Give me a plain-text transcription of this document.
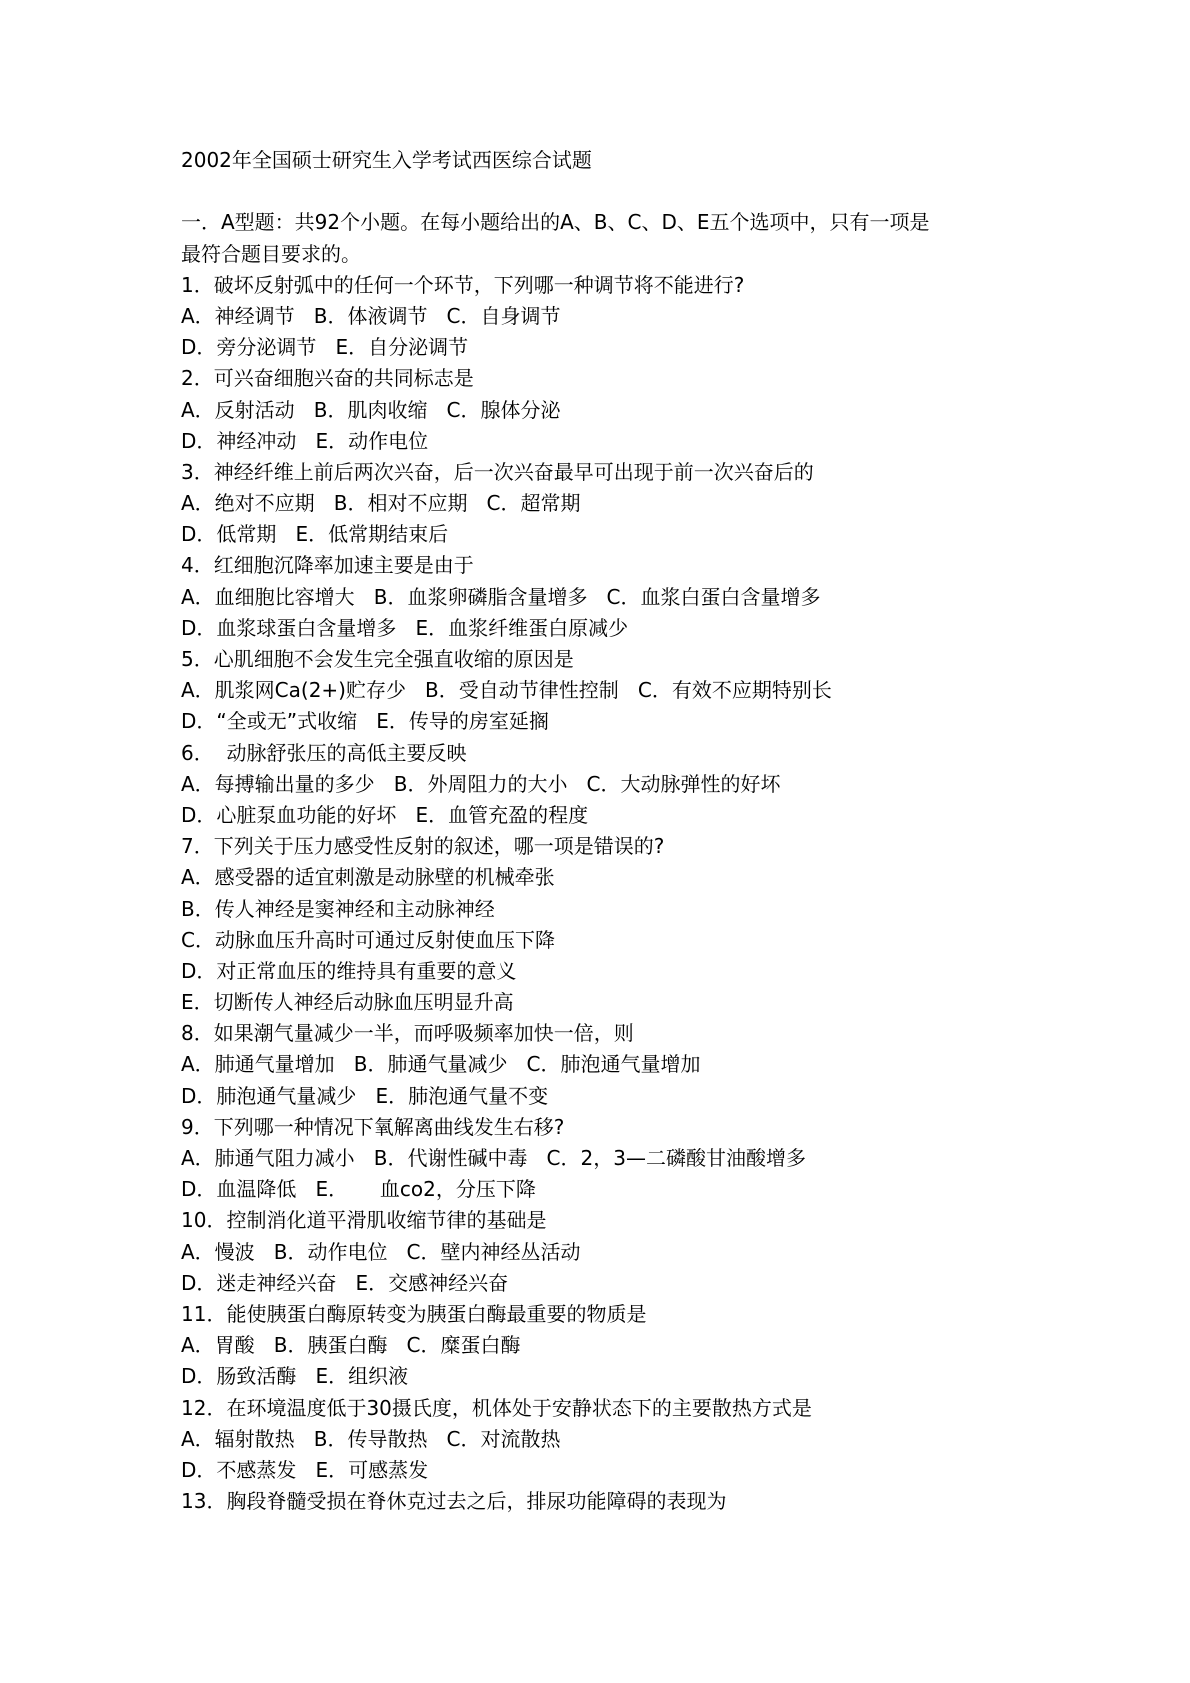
2002年全国硕士研究生入学考试西医综合试题
一．A型题：共92个小题。在每小题给出的A、B、C、D、E五个选项中，只有一项是
最符合题目要求的。
1．破坏反射弧中的任何一个环节，下列哪一种调节将不能进行?
A．神经调节   B．体液调节   C．自身调节
D．旁分泌调节   E．自分泌调节
2．可兴奋细胞兴奋的共同标志是
A．反射活动   B．肌肉收缩   C．腺体分泌
D．神经冲动   E．动作电位
3．神经纤维上前后两次兴奋，后一次兴奋最早可出现于前一次兴奋后的
A．绝对不应期   B．相对不应期   C．超常期
D．低常期   E．低常期结束后
4．红细胞沉降率加速主要是由于
A．血细胞比容增大   B．血浆卵磷脂含量增多   C．血浆白蛋白含量增多
D．血浆球蛋白含量增多   E．血浆纤维蛋白原减少
5．心肌细胞不会发生完全强直收缩的原因是
A．肌浆网Ca(2+)贮存少   B．受自动节律性控制   C．有效不应期特别长
D．“全或无”式收缩   E．传导的房室延搁
6．  动脉舒张压的高低主要反映
A．每搏输出量的多少   B．外周阻力的大小   C．大动脉弹性的好坏
D．心脏泵血功能的好坏   E．血管充盈的程度
7．下列关于压力感受性反射的叙述，哪一项是错误的?
A．感受器的适宜刺激是动脉壁的机械牵张
B．传人神经是窦神经和主动脉神经
C．动脉血压升高时可通过反射使血压下降
D．对正常血压的维持具有重要的意义
E．切断传人神经后动脉血压明显升高
8．如果潮气量减少一半，而呼吸频率加快一倍，则
A．肺通气量增加   B．肺通气量减少   C．肺泡通气量增加
D．肺泡通气量减少   E．肺泡通气量不变
9．下列哪一种情况下氧解离曲线发生右移?
A．肺通气阻力减小   B．代谢性碱中毒   C．2，3—二磷酸甘油酸增多
D．血温降低   E．     血co2，分压下降
10．控制消化道平滑肌收缩节律的基础是
A．慢波   B．动作电位   C．壁内神经丛活动
D．迷走神经兴奋   E．交感神经兴奋
11．能使胰蛋白酶原转变为胰蛋白酶最重要的物质是
A．胃酸   B．胰蛋白酶   C．糜蛋白酶
D．肠致活酶   E．组织液
12．在环境温度低于30摄氏度，机体处于安静状态下的主要散热方式是
A．辐射散热   B．传导散热   C．对流散热
D．不感蒸发   E．可感蒸发
13．胸段脊髓受损在脊休克过去之后，排尿功能障碍的表现为
